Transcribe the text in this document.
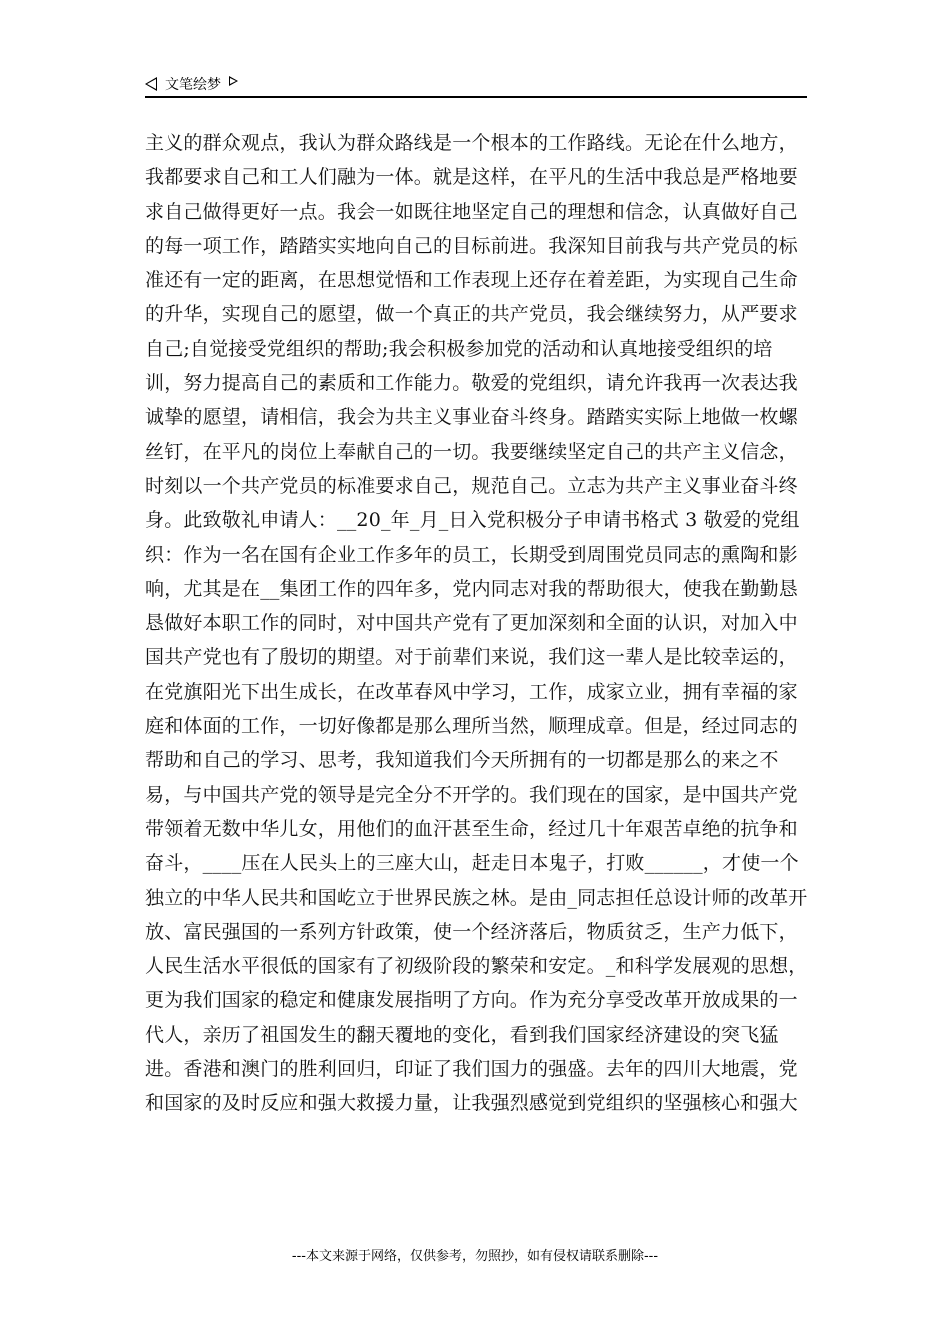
文笔绘梦

主义的群众观点，我认为群众路线是一个根本的工作路线。无论在什么地方，

我都要求自己和工人们融为一体。就是这样，在平凡的生活中我总是严格地要

求自己做得更好一点。我会一如既往地坚定自己的理想和信念，认真做好自己

的每一项工作，踏踏实实地向自己的目标前进。我深知目前我与共产党员的标

准还有一定的距离，在思想觉悟和工作表现上还存在着差距，为实现自己生命

的升华，实现自己的愿望，做一个真正的共产党员，我会继续努力，从严要求

自己;自觉接受党组织的帮助;我会积极参加党的活动和认真地接受组织的培

训，努力提高自己的素质和工作能力。敬爱的党组织，请允许我再一次表达我

诚挚的愿望，请相信，我会为共主义事业奋斗终身。踏踏实实际上地做一枚螺

丝钉，在平凡的岗位上奉献自己的一切。我要继续坚定自己的共产主义信念，

时刻以一个共产党员的标准要求自己，规范自己。立志为共产主义事业奋斗终

身。此致敬礼申请人：__20_年_月_日入党积极分子申请书格式 3 敬爱的党组

织：作为一名在国有企业工作多年的员工，长期受到周围党员同志的熏陶和影

响，尤其是在__集团工作的四年多，党内同志对我的帮助很大，使我在勤勤恳

恳做好本职工作的同时，对中国共产党有了更加深刻和全面的认识，对加入中

国共产党也有了殷切的期望。对于前辈们来说，我们这一辈人是比较幸运的，

在党旗阳光下出生成长，在改革春风中学习，工作，成家立业，拥有幸福的家

庭和体面的工作，一切好像都是那么理所当然，顺理成章。但是，经过同志的

帮助和自己的学习、思考，我知道我们今天所拥有的一切都是那么的来之不

易，与中国共产党的领导是完全分不开学的。我们现在的国家，是中国共产党

带领着无数中华儿女，用他们的血汗甚至生命，经过几十年艰苦卓绝的抗争和

奋斗，____压在人民头上的三座大山，赶走日本鬼子，打败______，才使一个

独立的中华人民共和国屹立于世界民族之林。是由_同志担任总设计师的改革开

放、富民强国的一系列方针政策，使一个经济落后，物质贫乏，生产力低下，

人民生活水平很低的国家有了初级阶段的繁荣和安定。_和科学发展观的思想，

更为我们国家的稳定和健康发展指明了方向。作为充分享受改革开放成果的一

代人，亲历了祖国发生的翻天覆地的变化，看到我们国家经济建设的突飞猛

进。香港和澳门的胜利回归，印证了我们国力的强盛。去年的四川大地震，党

和国家的及时反应和强大救援力量，让我强烈感觉到党组织的坚强核心和强大

---本文来源于网络，仅供参考，勿照抄，如有侵权请联系删除---
